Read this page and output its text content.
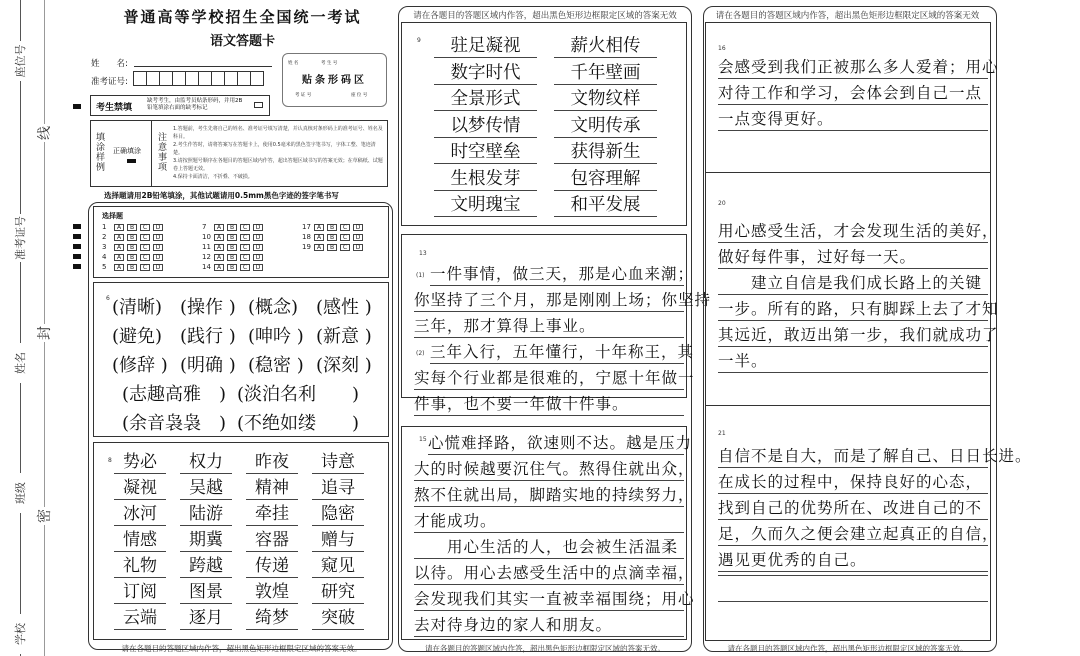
座位号
准考证号
姓名
班级
学校
线
封
密
普通高等学校招生全国统一考试
语文答题卡
姓　　名:
准考证号:
姓 名	考 生 号
贴条形码区
考 证 号	座 位 号
考生禁填
缺考考生，由监考员贴条形码，并用2B铅笔填涂右面的缺考标记
填涂样例
正确填涂
注意事项
1.答题前，考生先将自己的姓名、准考证号填写清楚，并认真核对条形码上的准考证号、姓名及科目。
2.考生作答时，请将答案写在答题卡上，使用0.5毫米的黑色签字笔书写，字体工整、笔迹清楚。
3.请按照题号顺序在各题目的答题区域内作答，超出答题区域书写的答案无效；在草稿纸、试题卷上答题无效。
4.保持卡面清洁，不折叠、不破损。
选择题请用2B铅笔填涂，其他试题请用0.5mm黑色字迹的签字笔书写
选择题
1 A B C D
2 A B C D
3 A B C D
4 A B C D
5 A B C D
7 A B C D
10 A B C D
11 A B C D
12 A B C D
14 A B C D
17 A B C D
18 A B C D
19 A B C D
6 (清晰) (操作 ) (概念) (感性 )
(避免) (践行 ) (呻吟 ) (新意 )
(修辞 ) (明确 ) (稳密 ) (深刻 )
(志趣高雅　) (淡泊名利　　)
(余音袅袅　) (不绝如缕　　)
8 势必	权力	昨夜	诗意
凝视	吴越	精神	追寻
冰河	陆游	牵挂	隐密
情感	期冀	容器	赠与
礼物	跨越	传递	窥见
订阅	图景	敦煌	研究
云端	逐月	绮梦	突破
请在各题目的答题区域内作答，超出黑色矩形边框限定区域的答案无效。
请在各题目的答题区域内作答，超出黑色矩形边框限定区域的答案无效
9	驻足凝视	薪火相传
数字时代	千年壁画
全景形式	文物纹样
以梦传情	文明传承
时空壁垒	获得新生
生根发芽	包容理解
文明瑰宝	和平发展
13
(1)
(2)
一件事情，做三天，那是心血来潮；
你坚持了三个月，那是刚刚上场；你坚持
三年，那才算得上事业。
三年入行，五年懂行，十年称王，其
实每个行业都是很难的，宁愿十年做一
件事，也不要一年做十件事。
15 心慌难择路，欲速则不达。越是压力
大的时候越要沉住气。熬得住就出众，
熬不住就出局，脚踏实地的持续努力，
才能成功。
　　用心生活的人，也会被生活温柔
以待。用心去感受生活中的点滴幸福，
会发现我们其实一直被幸福围绕；用心
去对待身边的家人和朋友。
请在各题目的答题区域内作答，超出黑色矩形边框限定区域的答案无效。
请在各题目的答题区域内作答，超出黑色矩形边框限定区域的答案无效
16
会感受到我们正被那么多人爱着；用心
对待工作和学习，会体会到自己一点
一点变得更好。
20
用心感受生活，才会发现生活的美好，
做好每件事，过好每一天。
　　建立自信是我们成长路上的关键
一步。所有的路，只有脚踩上去了才知
其远近，敢迈出第一步，我们就成功了
一半。
21
自信不是自大，而是了解自己、日日长进。
在成长的过程中，保持良好的心态，
找到自己的优势所在、改进自己的不
足，久而久之便会建立起真正的自信，
遇见更优秀的自己。
请在各题目的答题区域内作答，超出黑色矩形边框限定区域的答案无效。
